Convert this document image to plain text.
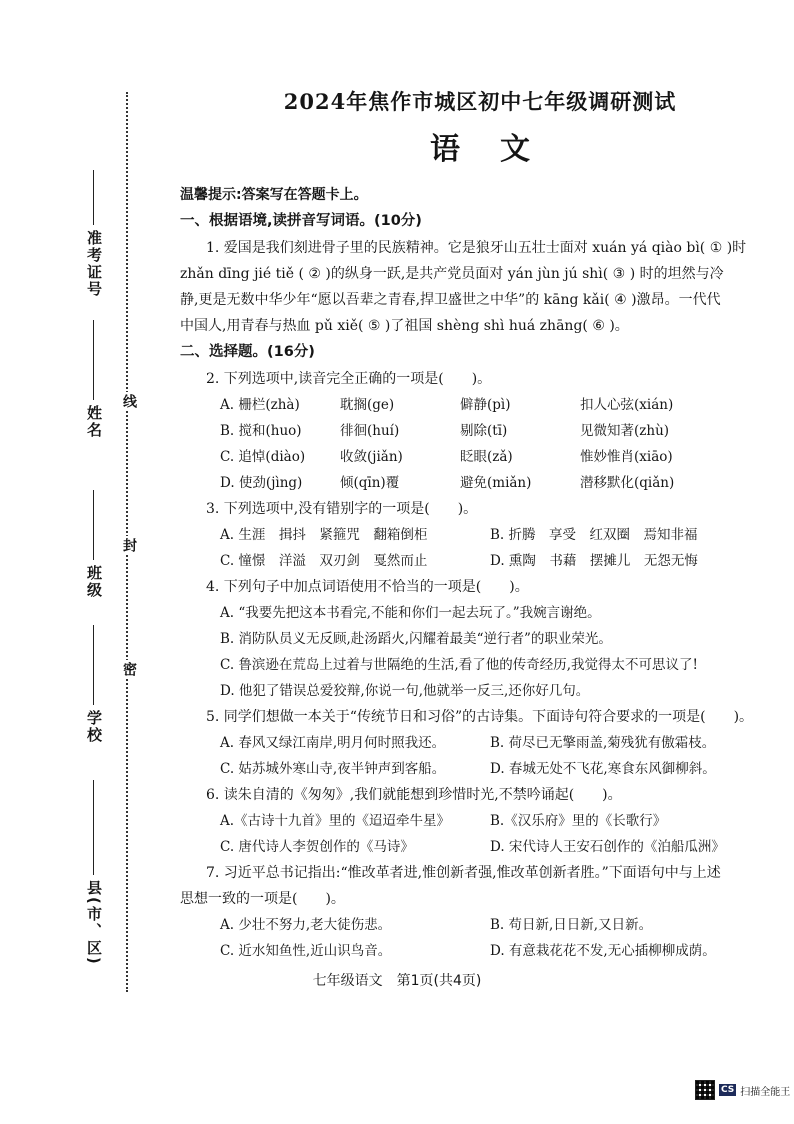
准考证号
姓名
班级
学校
县(市、区)
线
封
密
2024年焦作市城区初中七年级调研测试
语文
温馨提示:答案写在答题卡上。
一、根据语境,读拼音写词语。(10分)
1. 爱国是我们刻进骨子里的民族精神。它是狼牙山五壮士面对 xuán yá qiào bì( ① )时
zhǎn dīng jié tiě ( ② )的纵身一跃,是共产党员面对 yán jùn jú shì( ③ ) 时的坦然与冷
静,更是无数中华少年“愿以吾辈之青春,捍卫盛世之中华”的 kāng kǎi( ④ )激昂。一代代
中国人,用青春与热血 pǔ xiě( ⑤ )了祖国 shèng shì huá zhāng( ⑥ )。
二、选择题。(16分)
2. 下列选项中,读音完全正确的一项是(　　)。
A. 栅栏(zhà)	耽搁(ge)	僻静(pì)	扣人心弦(xián)
B. 搅和(huo)	徘徊(huí)	剔除(tī)	见微知著(zhù)
C. 追悼(diào)	收敛(jiǎn)	眨眼(zǎ)	惟妙惟肖(xiāo)
D. 使劲(jìng)	倾(qīn)覆	避免(miǎn)	潜移默化(qiǎn)
3. 下列选项中,没有错别字的一项是(　　)。
A. 生涯　揖抖　紧箍咒　翻箱倒柜	B. 折腾　享受　红双圈　焉知非福
C. 憧憬　洋溢　双刃剑　戛然而止	D. 熏陶　书藉　摆摊儿　无怨无悔
4. 下列句子中加点词语使用不恰当的一项是(　　)。
A. “我要先把这本书看完,不能和你们一起去玩了。”我婉言谢绝。
B. 消防队员义无反顾,赴汤蹈火,闪耀着最美“逆行者”的职业荣光。
C. 鲁滨逊在荒岛上过着与世隔绝的生活,看了他的传奇经历,我觉得太不可思议了!
D. 他犯了错误总爱狡辩,你说一句,他就举一反三,还你好几句。
5. 同学们想做一本关于“传统节日和习俗”的古诗集。下面诗句符合要求的一项是(　　)。
A. 春风又绿江南岸,明月何时照我还。	B. 荷尽已无擎雨盖,菊残犹有傲霜枝。
C. 姑苏城外寒山寺,夜半钟声到客船。	D. 春城无处不飞花,寒食东风御柳斜。
6. 读朱自清的《匆匆》,我们就能想到珍惜时光,不禁吟诵起(　　)。
A.《古诗十九首》里的《迢迢牵牛星》	B.《汉乐府》里的《长歌行》
C. 唐代诗人李贺创作的《马诗》	D. 宋代诗人王安石创作的《泊船瓜洲》
7. 习近平总书记指出:“惟改革者进,惟创新者强,惟改革创新者胜。”下面语句中与上述
思想一致的一项是(　　)。
A. 少壮不努力,老大徒伤悲。	B. 苟日新,日日新,又日新。
C. 近水知鱼性,近山识鸟音。	D. 有意栽花花不发,无心插柳柳成荫。
七年级语文　第1页(共4页)
CS 扫描全能王
